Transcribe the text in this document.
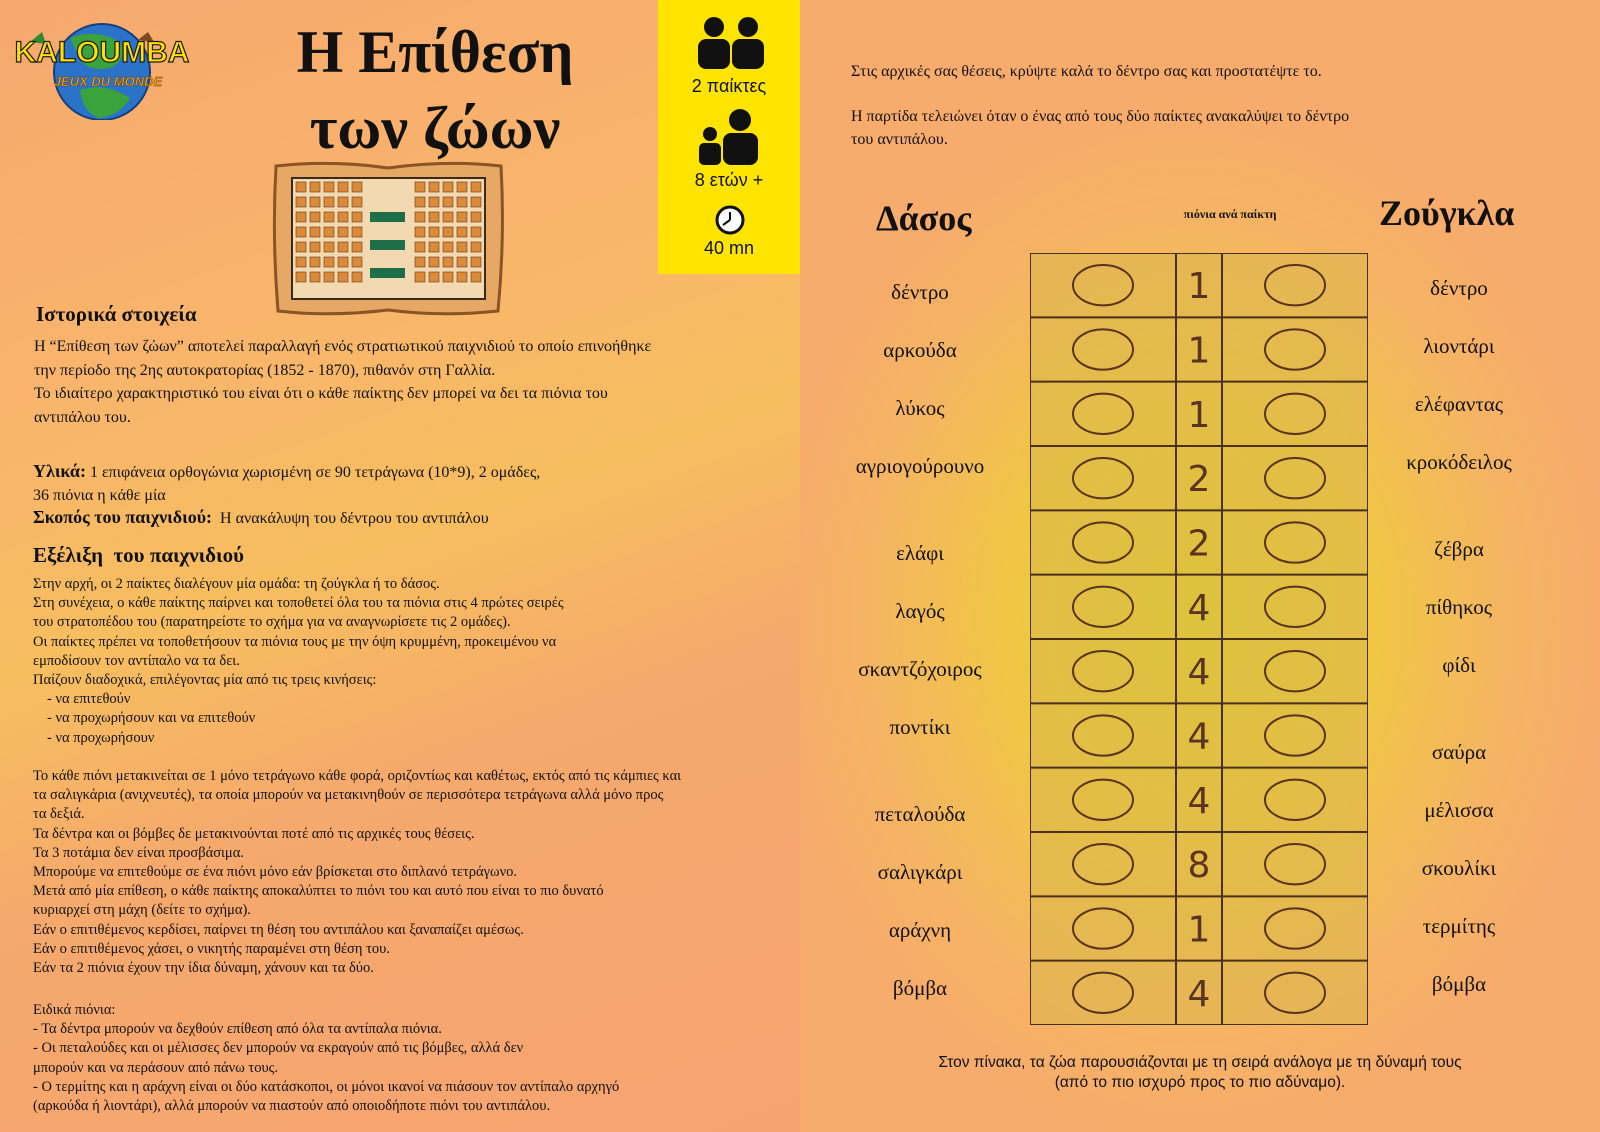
KALOUMBA
JEUX DU MONDE	Η Επίθεση
των ζώων
2 παίκτες
8 ετών +
40 mn
Ιστορικά στοιχεία
Η “Επίθεση των ζώων” αποτελεί παραλλαγή ενός στρατιωτικού παιχνιδιού το οποίο επινοήθηκε
την περίοδο της 2ης αυτοκρατορίας (1852 - 1870), πιθανόν στη Γαλλία.
Το ιδιαίτερο χαρακτηριστικό του είναι ότι ο κάθε παίκτης δεν μπορεί να δει τα πιόνια του
αντιπάλου του.
Υλικά: 1 επιφάνεια ορθογώνια χωρισμένη σε 90 τετράγωνα (10*9), 2 ομάδες,
36 πιόνια η κάθε μία
Σκοπός του παιχνιδιού:  Η ανακάλυψη του δέντρου του αντιπάλου
Εξέλιξη  του παιχνιδιού
Στην αρχή, οι 2 παίκτες διαλέγουν μία ομάδα: τη ζούγκλα ή το δάσος.
Στη συνέχεια, ο κάθε παίκτης παίρνει και τοποθετεί όλα του τα πιόνια στις 4 πρώτες σειρές
του στρατοπέδου του (παρατηρείστε το σχήμα για να αναγνωρίσετε τις 2 ομάδες).
Οι παίκτες πρέπει να τοποθετήσουν τα πιόνια τους με την όψη κρυμμένη, προκειμένου να
εμποδίσουν τον αντίπαλο να τα δει.
Παίζουν διαδοχικά, επιλέγοντας μία από τις τρεις κινήσεις:
- να επιτεθούν
- να προχωρήσουν και να επιτεθούν
- να προχωρήσουν
Το κάθε πιόνι μετακινείται σε 1 μόνο τετράγωνο κάθε φορά, οριζοντίως και καθέτως, εκτός από τις κάμπιες και
τα σαλιγκάρια (ανιχνευτές), τα οποία μπορούν να μετακινηθούν σε περισσότερα τετράγωνα αλλά μόνο προς
τα δεξιά.
Τα δέντρα και οι βόμβες δε μετακινούνται ποτέ από τις αρχικές τους θέσεις.
Τα 3 ποτάμια δεν είναι προσβάσιμα.
Μπορούμε να επιτεθούμε σε ένα πιόνι μόνο εάν βρίσκεται στο διπλανό τετράγωνο.
Μετά από μία επίθεση, ο κάθε παίκτης αποκαλύπτει το πιόνι του και αυτό που είναι το πιο δυνατό
κυριαρχεί στη μάχη (δείτε το σχήμα).
Εάν ο επιτιθέμενος κερδίσει, παίρνει τη θέση του αντιπάλου και ξαναπαίζει αμέσως.
Εάν ο επιτιθέμενος χάσει, ο νικητής παραμένει στη θέση του.
Εάν τα 2 πιόνια έχουν την ίδια δύναμη, χάνουν και τα δύο.
Ειδικά πιόνια:
- Τα δέντρα μπορούν να δεχθούν επίθεση από όλα τα αντίπαλα πιόνια.
- Οι πεταλούδες και οι μέλισσες δεν μπορούν να εκραγούν από τις βόμβες, αλλά δεν
μπορούν και να περάσουν από πάνω τους.
- Ο τερμίτης και η αράχνη είναι οι δύο κατάσκοποι, οι μόνοι ικανοί να πιάσουν τον αντίπαλο αρχηγό
(αρκούδα ή λιοντάρι), αλλά μπορούν να πιαστούν από οποιοδήποτε πιόνι του αντιπάλου.
Στις αρχικές σας θέσεις, κρύψτε καλά το δέντρο σας και προστατέψτε το.
Η παρτίδα τελειώνει όταν ο ένας από τους δύο παίκτες ανακαλύψει το δέντρο
του αντιπάλου.
Δάσος	Ζούγκλα
πιόνια ανά παίκτη
δέντρο
αρκούδα
λύκος
αγριογούρουνο
ελάφι
λαγός
σκαντζόχοιρος
ποντίκι
πεταλούδα
σαλιγκάρι
αράχνη
βόμβα
δέντρο
λιοντάρι
ελέφαντας
κροκόδειλος
ζέβρα
πίθηκος
φίδι
σαύρα
μέλισσα
σκουλίκι
τερμίτης
βόμβα
1
1
1
2
2
4
4
4
4
8
1
4
Στον πίνακα, τα ζώα παρουσιάζονται με τη σειρά ανάλογα με τη δύναμή τους
(από το πιο ισχυρό προς το πιο αδύναμο).
